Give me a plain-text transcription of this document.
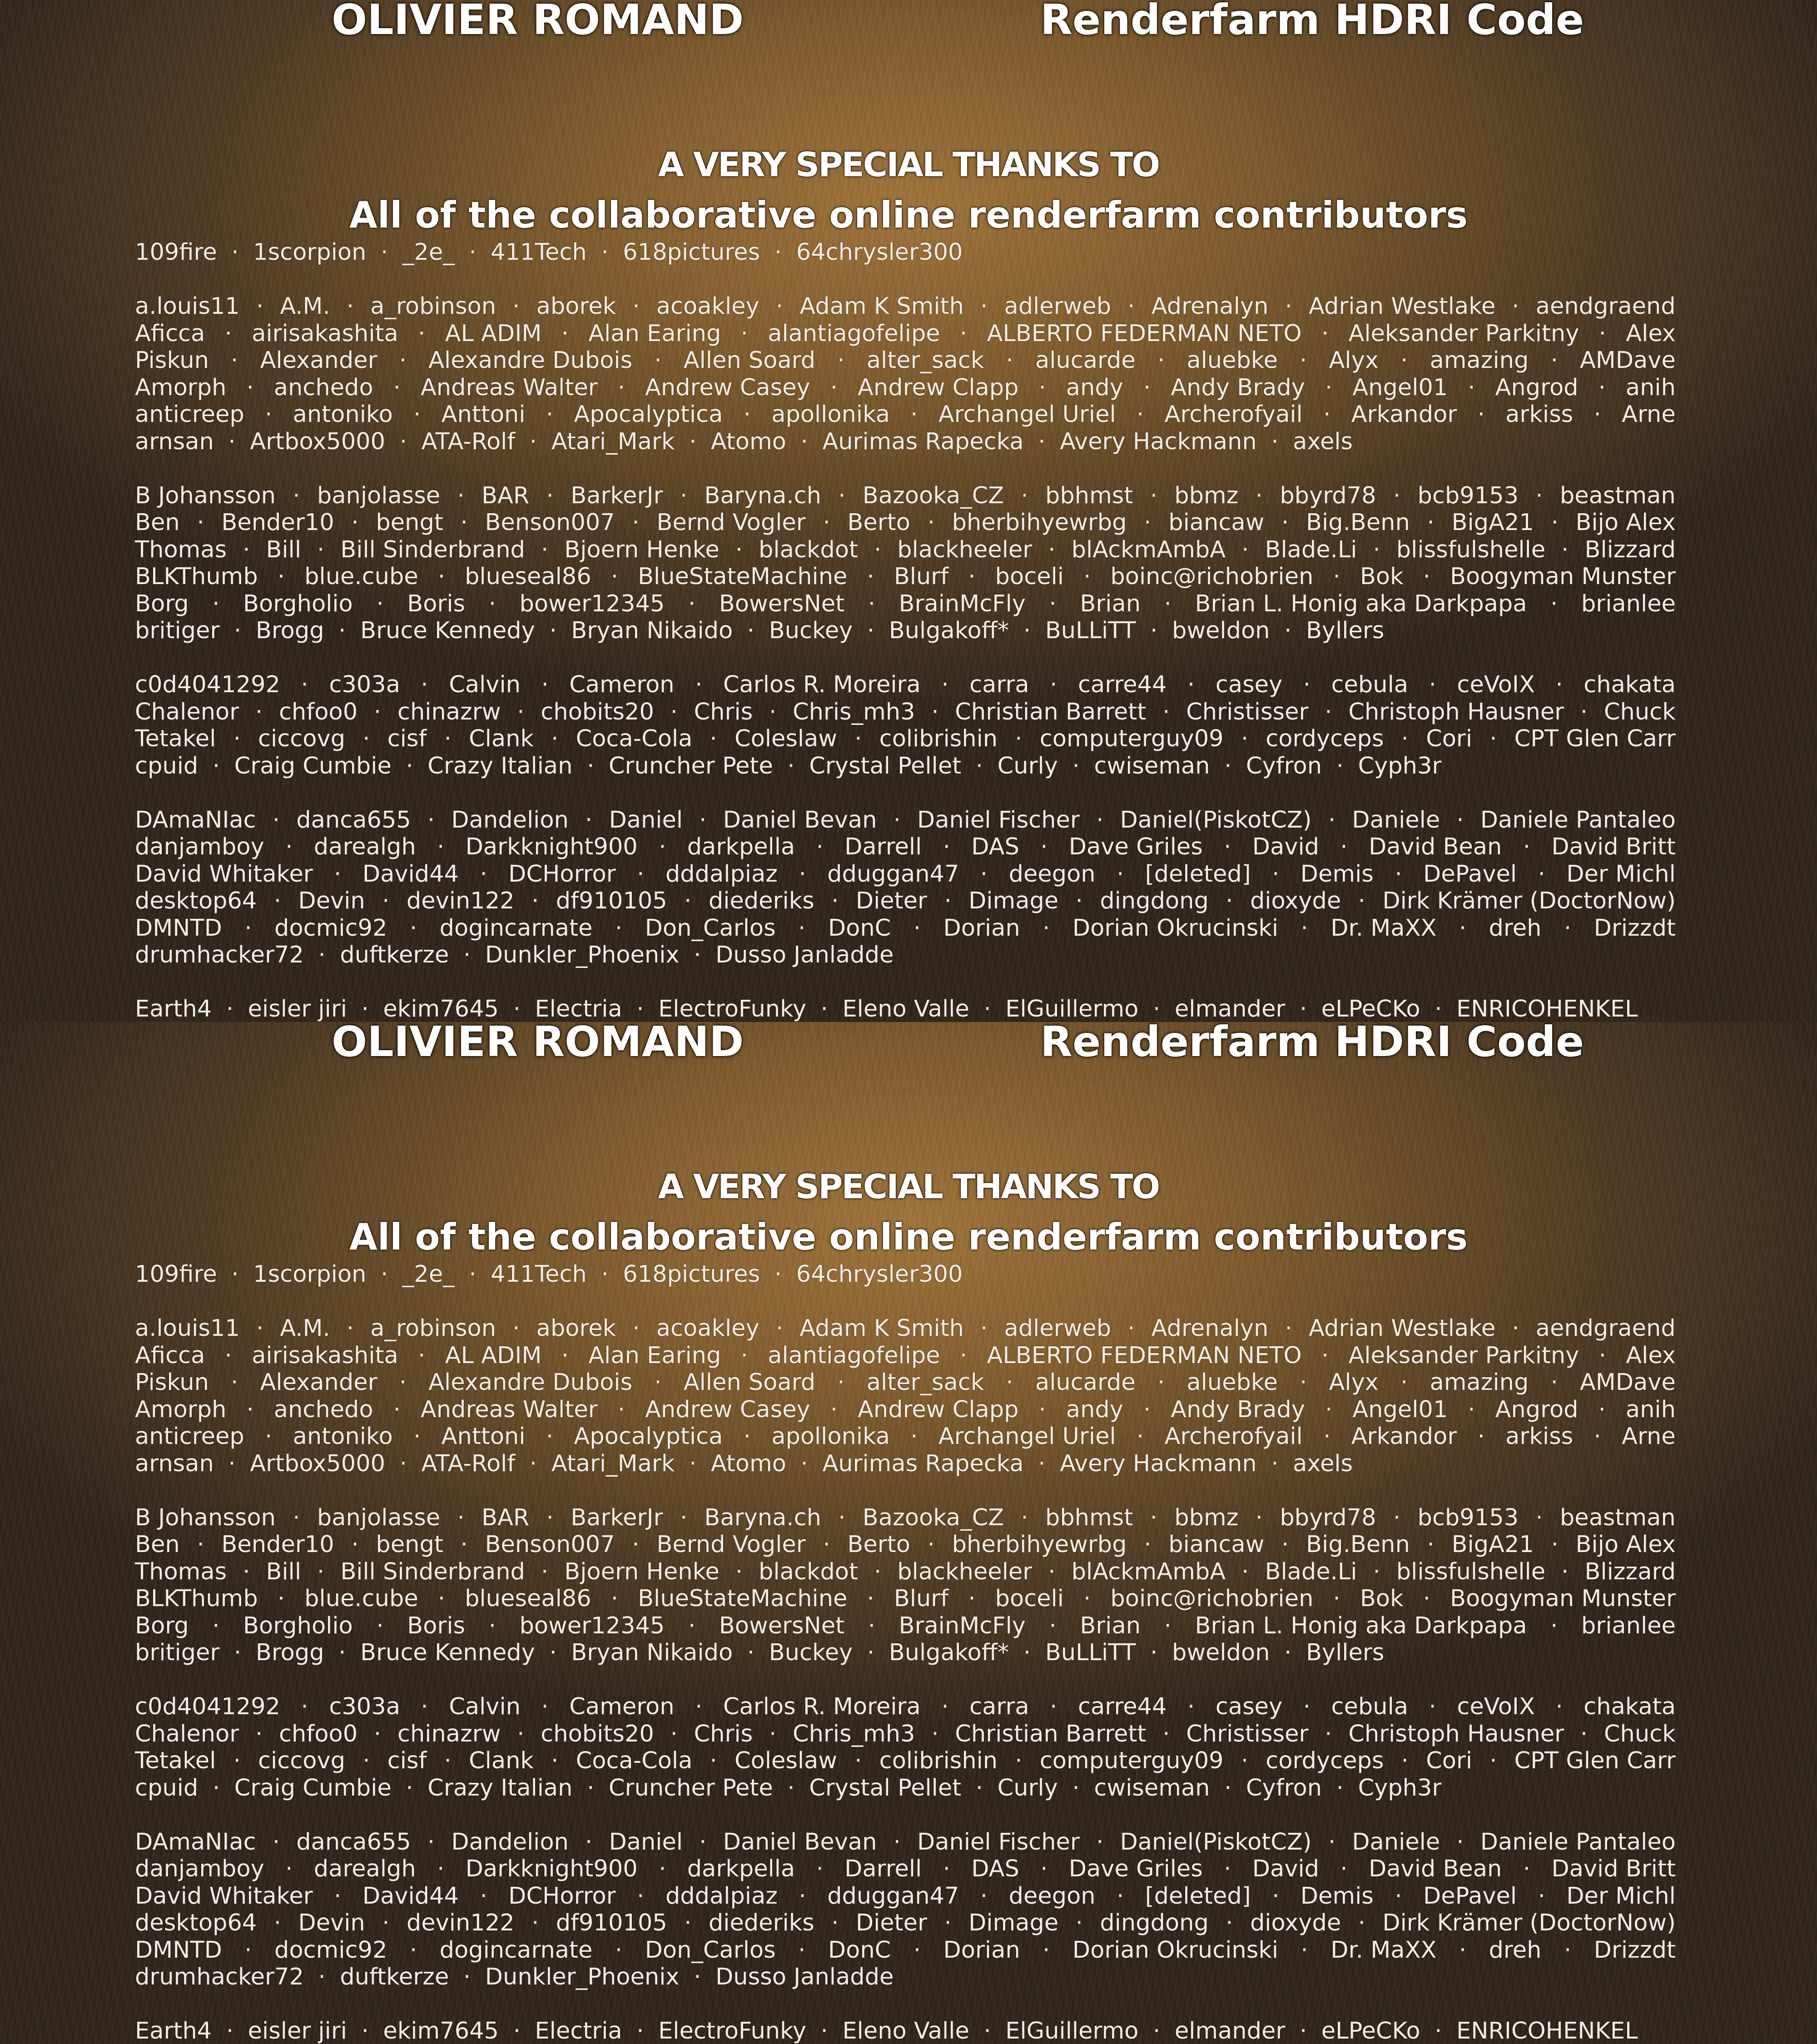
OLIVIER ROMAND	Renderfarm HDRI Code
A VERY SPECIAL THANKS TO
All of the collaborative online renderfarm contributors
109fire · 1scorpion · _2e_ · 411Tech · 618pictures · 64chrysler300
a.louis11 · A.M. · a_robinson · aborek · acoakley · Adam K Smith · adlerweb · Adrenalyn · Adrian Westlake · aendgraend
Aficca · airisakashita · AL ADIM · Alan Earing · alantiagofelipe · ALBERTO FEDERMAN NETO · Aleksander Parkitny · Alex
Piskun · Alexander · Alexandre Dubois · Allen Soard · alter_sack · alucarde · aluebke · Alyx · amazing · AMDave
Amorph · anchedo · Andreas Walter · Andrew Casey · Andrew Clapp · andy · Andy Brady · Angel01 · Angrod · anih
anticreep · antoniko · Anttoni · Apocalyptica · apollonika · Archangel Uriel · Archerofyail · Arkandor · arkiss · Arne
arnsan · Artbox5000 · ATA-Rolf · Atari_Mark · Atomo · Aurimas Rapecka · Avery Hackmann · axels
B Johansson · banjolasse · BAR · BarkerJr · Baryna.ch · Bazooka_CZ · bbhmst · bbmz · bbyrd78 · bcb9153 · beastman
Ben · Bender10 · bengt · Benson007 · Bernd Vogler · Berto · bherbihyewrbg · biancaw · Big.Benn · BigA21 · Bijo Alex
Thomas · Bill · Bill Sinderbrand · Bjoern Henke · blackdot · blackheeler · blAckmAmbA · Blade.Li · blissfulshelle · Blizzard
BLKThumb · blue.cube · blueseal86 · BlueStateMachine · Blurf · boceli · boinc@richobrien · Bok · Boogyman Munster
Borg · Borgholio · Boris · bower12345 · BowersNet · BrainMcFly · Brian · Brian L. Honig aka Darkpapa · brianlee
britiger · Brogg · Bruce Kennedy · Bryan Nikaido · Buckey · Bulgakoff* · BuLLiTT · bweldon · Byllers
c0d4041292 · c303a · Calvin · Cameron · Carlos R. Moreira · carra · carre44 · casey · cebula · ceVoIX · chakata
Chalenor · chfoo0 · chinazrw · chobits20 · Chris · Chris_mh3 · Christian Barrett · Christisser · Christoph Hausner · Chuck
Tetakel · ciccovg · cisf · Clank · Coca-Cola · Coleslaw · colibrishin · computerguy09 · cordyceps · Cori · CPT Glen Carr
cpuid · Craig Cumbie · Crazy Italian · Cruncher Pete · Crystal Pellet · Curly · cwiseman · Cyfron · Cyph3r
DAmaNIac · danca655 · Dandelion · Daniel · Daniel Bevan · Daniel Fischer · Daniel(PiskotCZ) · Daniele · Daniele Pantaleo
danjamboy · darealgh · Darkknight900 · darkpella · Darrell · DAS · Dave Griles · David · David Bean · David Britt
David Whitaker · David44 · DCHorror · dddalpiaz · dduggan47 · deegon · [deleted] · Demis · DePavel · Der Michl
desktop64 · Devin · devin122 · df910105 · diederiks · Dieter · Dimage · dingdong · dioxyde · Dirk Krämer (DoctorNow)
DMNTD · docmic92 · dogincarnate · Don_Carlos · DonC · Dorian · Dorian Okrucinski · Dr. MaXX · dreh · Drizzdt
drumhacker72 · duftkerze · Dunkler_Phoenix · Dusso Janladde
Earth4 · eisler jiri · ekim7645 · Electria · ElectroFunky · Eleno Valle · ElGuillermo · elmander · eLPeCKo · ENRICOHENKEL
OLIVIER ROMAND	Renderfarm HDRI Code
A VERY SPECIAL THANKS TO
All of the collaborative online renderfarm contributors
109fire · 1scorpion · _2e_ · 411Tech · 618pictures · 64chrysler300
a.louis11 · A.M. · a_robinson · aborek · acoakley · Adam K Smith · adlerweb · Adrenalyn · Adrian Westlake · aendgraend
Aficca · airisakashita · AL ADIM · Alan Earing · alantiagofelipe · ALBERTO FEDERMAN NETO · Aleksander Parkitny · Alex
Piskun · Alexander · Alexandre Dubois · Allen Soard · alter_sack · alucarde · aluebke · Alyx · amazing · AMDave
Amorph · anchedo · Andreas Walter · Andrew Casey · Andrew Clapp · andy · Andy Brady · Angel01 · Angrod · anih
anticreep · antoniko · Anttoni · Apocalyptica · apollonika · Archangel Uriel · Archerofyail · Arkandor · arkiss · Arne
arnsan · Artbox5000 · ATA-Rolf · Atari_Mark · Atomo · Aurimas Rapecka · Avery Hackmann · axels
B Johansson · banjolasse · BAR · BarkerJr · Baryna.ch · Bazooka_CZ · bbhmst · bbmz · bbyrd78 · bcb9153 · beastman
Ben · Bender10 · bengt · Benson007 · Bernd Vogler · Berto · bherbihyewrbg · biancaw · Big.Benn · BigA21 · Bijo Alex
Thomas · Bill · Bill Sinderbrand · Bjoern Henke · blackdot · blackheeler · blAckmAmbA · Blade.Li · blissfulshelle · Blizzard
BLKThumb · blue.cube · blueseal86 · BlueStateMachine · Blurf · boceli · boinc@richobrien · Bok · Boogyman Munster
Borg · Borgholio · Boris · bower12345 · BowersNet · BrainMcFly · Brian · Brian L. Honig aka Darkpapa · brianlee
britiger · Brogg · Bruce Kennedy · Bryan Nikaido · Buckey · Bulgakoff* · BuLLiTT · bweldon · Byllers
c0d4041292 · c303a · Calvin · Cameron · Carlos R. Moreira · carra · carre44 · casey · cebula · ceVoIX · chakata
Chalenor · chfoo0 · chinazrw · chobits20 · Chris · Chris_mh3 · Christian Barrett · Christisser · Christoph Hausner · Chuck
Tetakel · ciccovg · cisf · Clank · Coca-Cola · Coleslaw · colibrishin · computerguy09 · cordyceps · Cori · CPT Glen Carr
cpuid · Craig Cumbie · Crazy Italian · Cruncher Pete · Crystal Pellet · Curly · cwiseman · Cyfron · Cyph3r
DAmaNIac · danca655 · Dandelion · Daniel · Daniel Bevan · Daniel Fischer · Daniel(PiskotCZ) · Daniele · Daniele Pantaleo
danjamboy · darealgh · Darkknight900 · darkpella · Darrell · DAS · Dave Griles · David · David Bean · David Britt
David Whitaker · David44 · DCHorror · dddalpiaz · dduggan47 · deegon · [deleted] · Demis · DePavel · Der Michl
desktop64 · Devin · devin122 · df910105 · diederiks · Dieter · Dimage · dingdong · dioxyde · Dirk Krämer (DoctorNow)
DMNTD · docmic92 · dogincarnate · Don_Carlos · DonC · Dorian · Dorian Okrucinski · Dr. MaXX · dreh · Drizzdt
drumhacker72 · duftkerze · Dunkler_Phoenix · Dusso Janladde
Earth4 · eisler jiri · ekim7645 · Electria · ElectroFunky · Eleno Valle · ElGuillermo · elmander · eLPeCKo · ENRICOHENKEL
